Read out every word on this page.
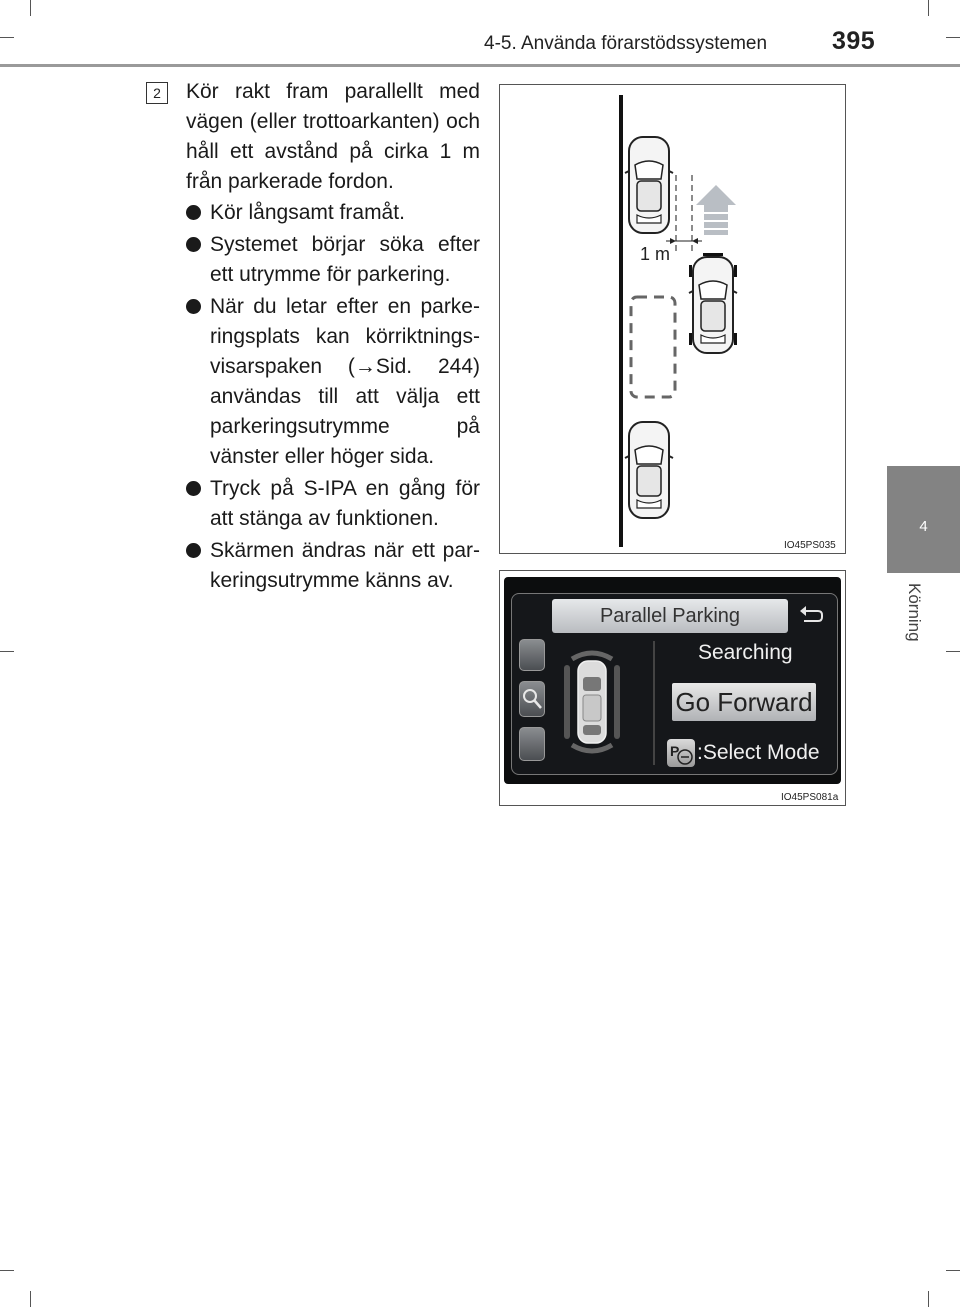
4-5. Använda förarstödssystemen	395
4
Körning
2	Kör rakt fram parallellt med vägen (eller trottoarkanten) och håll ett avstånd på cirka 1 m från parkerade fordon.

Kör långsamt framåt.
Systemet börjar söka efter ett utrymme för parkering.
När du letar efter en parkeringsplats kan körriktningsvisarspaken (→Sid. 244) användas till att välja ett parkeringsutrymme på vänster eller höger sida.
Tryck på S-IPA en gång för att stänga av funktionen.
Skärmen ändras när ett parkeringsutrymme känns av.
1 m
IO45PS035
Parallel Parking
Searching
Go Forward
P :Select Mode
IO45PS081a
